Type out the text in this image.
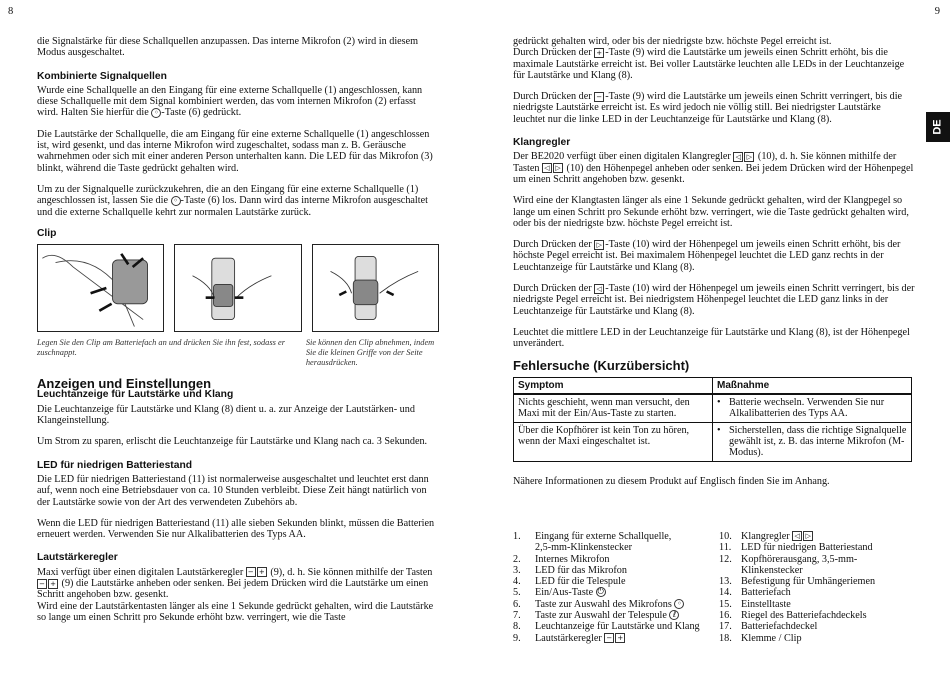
8

die Signalstärke für diese Schallquellen anzupassen. Das interne Mikrofon (2) wird in diesem Modus ausgeschaltet.

Kombinierte Signalquellen

Wurde eine Schallquelle an den Eingang für eine externe Schallquelle (1) angeschlossen, kann diese Schallquelle mit dem Signal kombiniert werden, das vom internen Mikrofon (2) erfasst wird. Halten Sie hierfür die ◦ -Taste (6) gedrückt.

Die Lautstärke der Schallquelle, die am Eingang für eine externe Schallquelle (1) angeschlossen ist, wird gesenkt, und das interne Mikrofon wird zugeschaltet, sodass man z. B. Geräusche wahrnehmen oder sich mit einer anderen Person unterhalten kann. Die LED für das Mikrofon (3) blinkt, während die Taste gedrückt gehalten wird.

Um zu der Signalquelle zurückzukehren, die an den Eingang für eine externe Schallquelle (1) angeschlossen ist, lassen Sie die ◦ -Taste (6) los. Dann wird das interne Mikrofon ausgeschaltet und die externe Schallquelle kehrt zur normalen Lautstärke zurück.

Clip
Legen Sie den Clip am Batteriefach an und drücken Sie ihn fest, sodass er zuschnappt.
Sie können den Clip abnehmen, indem Sie die kleinen Griffe von der Seite herausdrücken.
Anzeigen und Einstellungen
Leuchtanzeige für Lautstärke und Klang

Die Leuchtanzeige für Lautstärke und Klang (8) dient u. a. zur Anzeige der Lautstärken- und Klangeinstellung.

Um Strom zu sparen, erlischt die Leuchtanzeige für Lautstärke und Klang nach ca. 3 Sekunden.

LED für niedrigen Batteriestand

Die LED für niedrigen Batteriestand (11) ist normalerweise ausgeschaltet und leuchtet erst dann auf, wenn noch eine Betriebsdauer von ca. 10 Stunden verbleibt. Diese Zeit hängt natürlich von der Lautstärke sowie von der Art des verwendeten Zubehörs ab.

Wenn die LED für niedrigen Batteriestand (11) alle sieben Sekunden blinkt, müssen die Batterien erneuert werden. Verwenden Sie nur Alkalibatterien des Typs AA.

Lautstärkeregler

Maxi verfügt über einen digitalen Lautstärkeregler − + (9), d. h. Sie können mithilfe der Tasten − + (9) die Lautstärke anheben oder senken. Bei jedem Drücken wird die Lautstärke um einen Schritt angehoben bzw. gesenkt.

Wird eine der Lautstärkentasten länger als eine 1 Sekunde gedrückt gehalten, wird die Lautstärke so lange um einen Schritt pro Sekunde erhöht bzw. verringert, wie die Taste

9
DE

gedrückt gehalten wird, oder bis der niedrigste bzw. höchste Pegel erreicht ist.

Durch Drücken der + -Taste (9) wird die Lautstärke um jeweils einen Schritt erhöht, bis die maximale Lautstärke erreicht ist. Bei voller Lautstärke leuchten alle LEDs in der Leuchtanzeige für Lautstärke und Klang (8).

Durch Drücken der − -Taste (9) wird die Lautstärke um jeweils einen Schritt verringert, bis die niedrigste Lautstärke erreicht ist. Es wird jedoch nie völlig still. Bei niedrigster Lautstärke leuchtet nur die linke LED in der Leuchtanzeige für Lautstärke und Klang (8).

Klangregler

Der BE2020 verfügt über einen digitalen Klangregler ◁ ▷ (10), d. h. Sie können mithilfe der Tasten ◁ ▷ (10) den Höhenpegel anheben oder senken. Bei jedem Drücken wird der Höhenpegel um einen Schritt angehoben bzw. gesenkt.

Wird eine der Klangtasten länger als eine 1 Sekunde gedrückt gehalten, wird der Klangpegel so lange um einen Schritt pro Sekunde erhöht bzw. verringert, wie die Taste gedrückt gehalten wird, oder bis der niedrigste bzw. höchste Pegel erreicht ist.

Durch Drücken der ▷ -Taste (10) wird der Höhenpegel um jeweils einen Schritt erhöht, bis der höchste Pegel erreicht ist. Bei maximalem Höhenpegel leuchtet die LED ganz rechts in der Leuchtanzeige für Lautstärke und Klang (8).

Durch Drücken der ◁ -Taste (10) wird der Höhenpegel um jeweils einen Schritt verringert, bis der niedrigste Pegel erreicht ist. Bei niedrigstem Höhenpegel leuchtet die LED ganz links in der Leuchtanzeige für Lautstärke und Klang (8).

Leuchtet die mittlere LED in der Leuchtanzeige für Lautstärke und Klang (8), ist der Höhenpegel unverändert.

Fehlersuche (Kurzübersicht)
Symptom	Maßnahme
Nichts geschieht, wenn man versucht, den Maxi mit der Ein/Aus-Taste zu starten.	• Batterie wechseln. Verwenden Sie nur Alkalibatterien des Typs AA.

Über die Kopfhörer ist kein Ton zu hören, wenn der Maxi eingeschaltet ist.	• Sicherstellen, dass die richtige Signalquelle gewählt ist, z. B. das interne Mikrofon (M-Modus).

Nähere Informationen zu diesem Produkt auf Englisch finden Sie im Anhang.

1.	Eingang für externe Schallquelle,
2,5-mm-Klinkenstecker
2.	Internes Mikrofon
3.	LED für das Mikrofon
4.	LED für die Telespule
5.	Ein/Aus-Taste
⏻
6.	Taste zur Auswahl des Mikrofons
◦
7.	Taste zur Auswahl der Telespule
ℓ
8.	Leuchtanzeige für Lautstärke und Klang
9.	Lautstärkeregler
− +
10. Klangregler
◁ ▷
11. LED für niedrigen Batteriestand
12. Kopfhörerausgang, 3,5-mm-
Klinkenstecker
13. Befestigung für Umhängeriemen
14. Batteriefach
15. Einstelltaste
16. Riegel des Batteriefachdeckels
17. Batteriefachdeckel
18. Klemme / Clip
